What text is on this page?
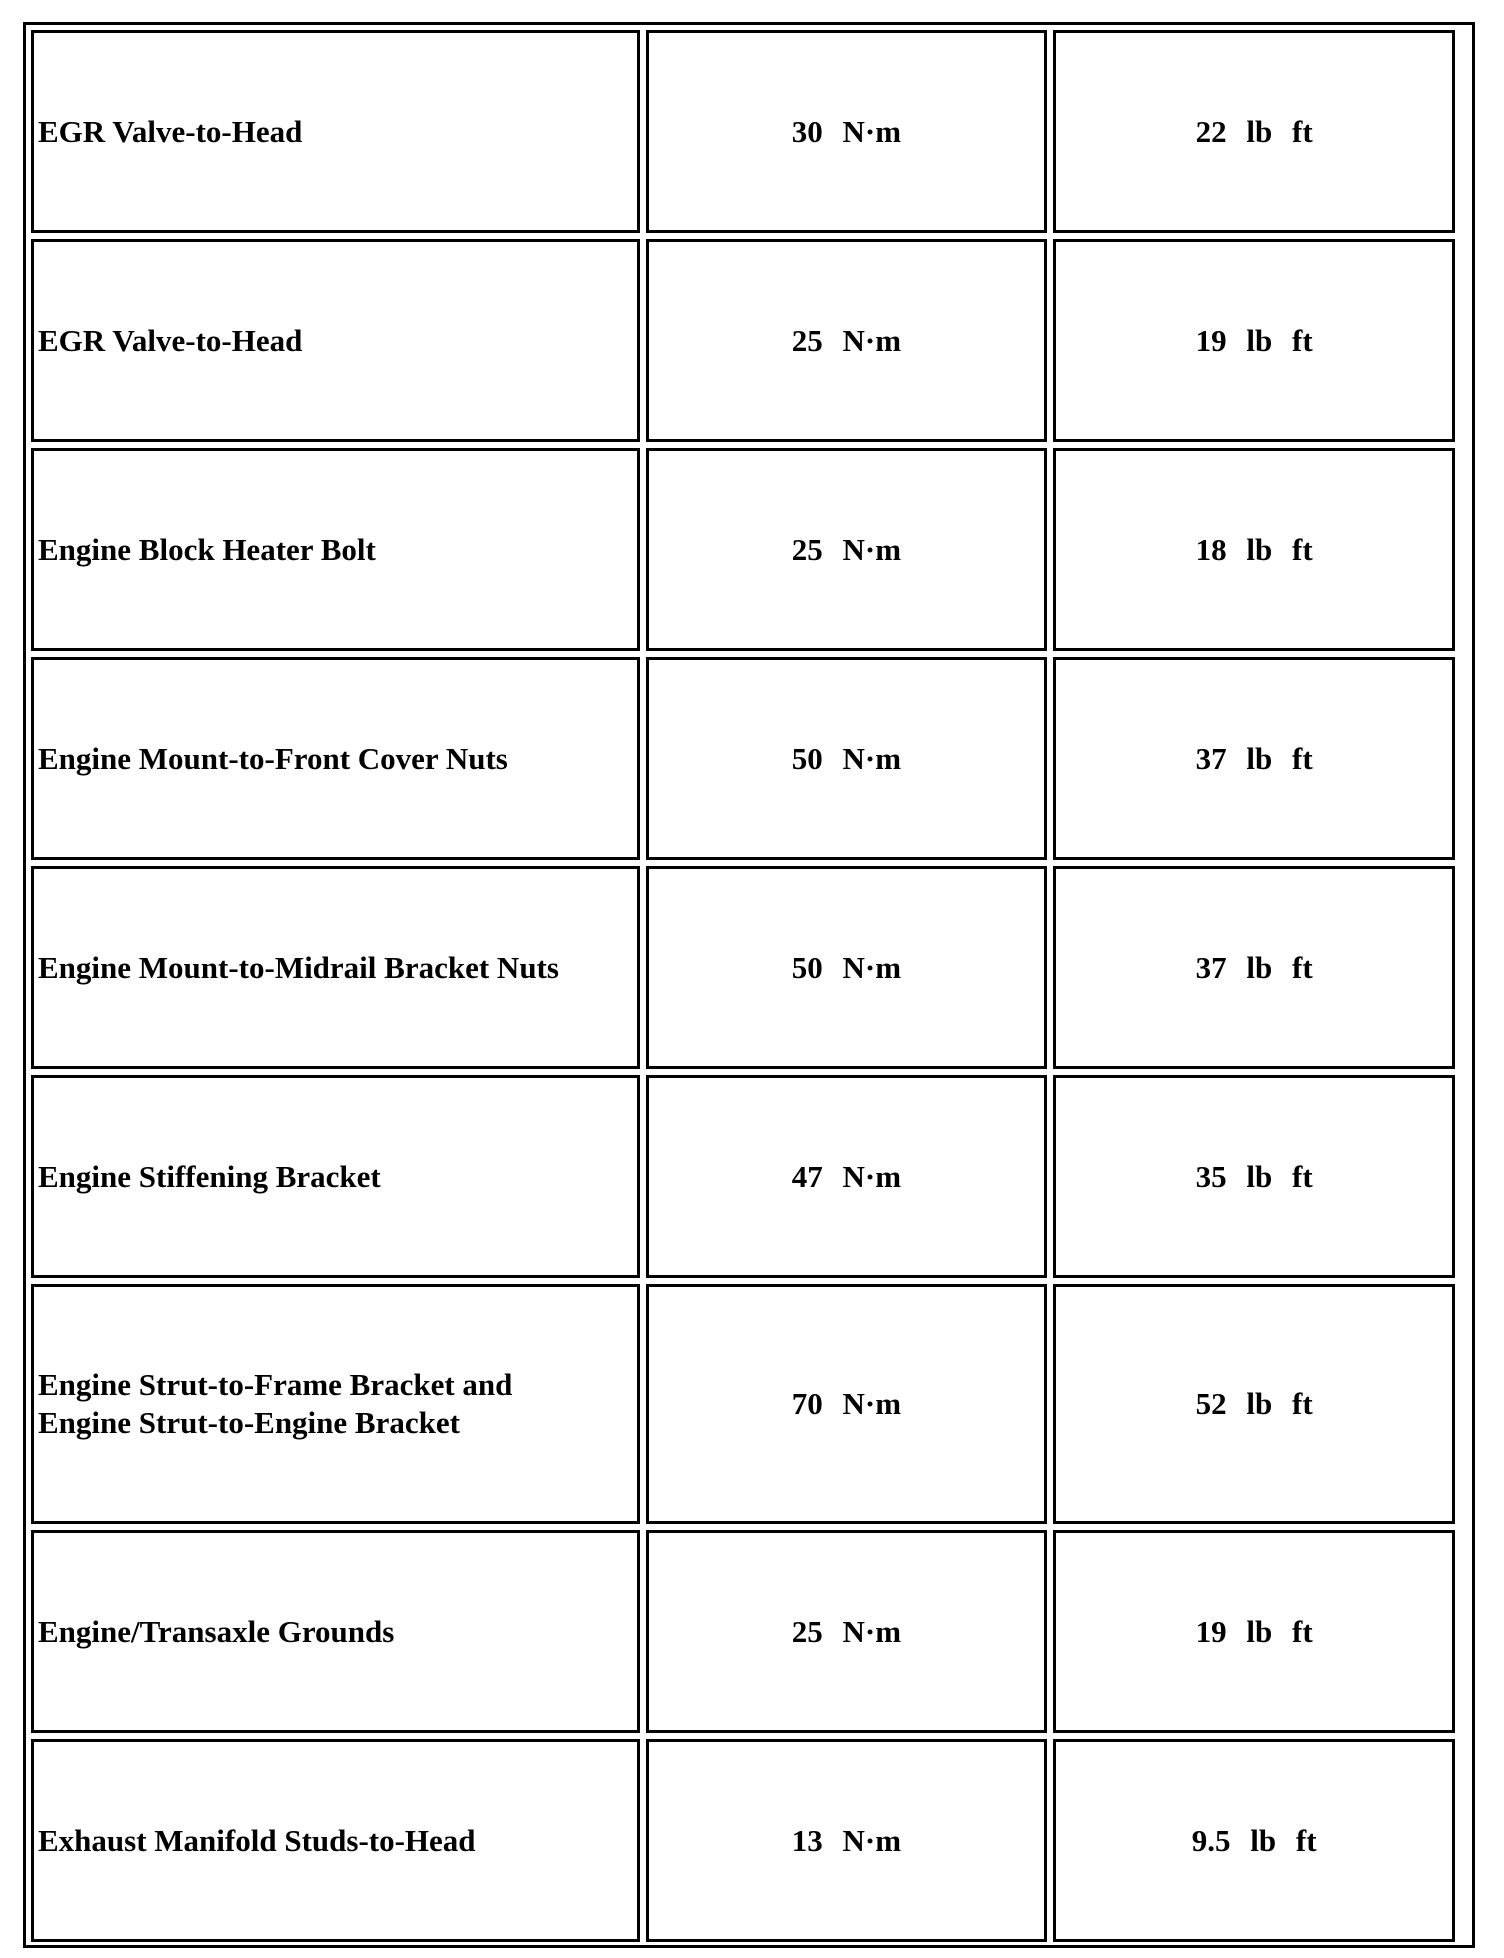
EGR Valve-to-Head	30 N·m	22 lb ft
EGR Valve-to-Head	25 N·m	19 lb ft
Engine Block Heater Bolt	25 N·m	18 lb ft
Engine Mount-to-Front Cover Nuts	50 N·m	37 lb ft
Engine Mount-to-Midrail Bracket Nuts	50 N·m	37 lb ft
Engine Stiffening Bracket	47 N·m	35 lb ft

Engine Strut-to-Frame Bracket and
Engine Strut-to-Engine Bracket	70 N·m	52 lb ft
Engine/Transaxle Grounds	25 N·m	19 lb ft
Exhaust Manifold Studs-to-Head	13 N·m	9.5 lb ft
